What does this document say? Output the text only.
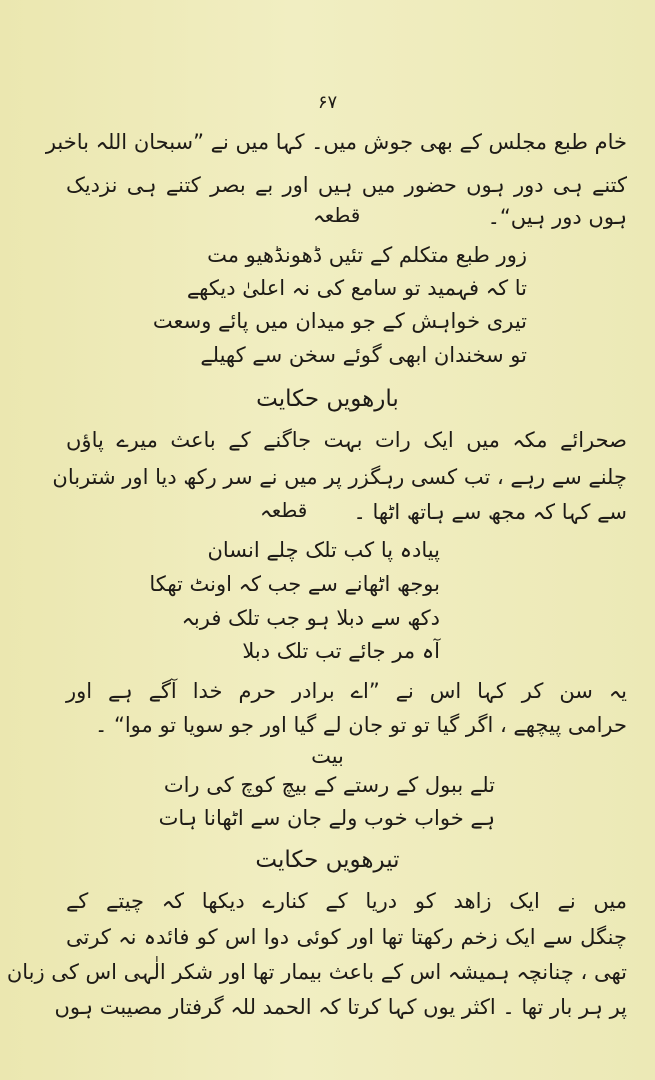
۶۷
خام طبع مجلس کے بھی جوش میں۔ کہا میں نے ”سبحان اللہ باخبر
کتنے ہی دور ہوں حضور میں ہیں اور بے بصر کتنے ہی نزدیک
ہوں دور ہیں“۔
قطعہ
زور طبع متکلم کے تئیں ڈھونڈھیو مت
تا کہ فہمید تو سامع کی نہ اعلیٰ دیکھے
تیری خواہش کے جو میدان میں پائے وسعت
تو سخندان ابھی گوئے سخن سے کھیلے
بارھویں حکایت
صحرائے مکہ میں ایک رات بہت جاگنے کے باعث میرے پاؤں
چلنے سے رہے ، تب کسی رہگزر پر میں نے سر رکھ دیا اور شتربان
سے کہا کہ مجھ سے ہاتھ اٹھا ۔
قطعہ
پیادہ پا کب تلک چلے انسان
بوجھ اٹھانے سے جب کہ اونٹ تھکا
دکھ سے دبلا ہو جب تلک فربہ
آہ مر جائے تب تلک دبلا
یہ سن کر کہا اس نے ”اے برادر حرم خدا آگے ہے اور
حرامی پیچھے ، اگر گیا تو تو جان لے گیا اور جو سویا تو موا“ ۔
بیت
تلے ببول کے رستے کے بیچ کوچ کی رات
ہے خواب خوب ولے جان سے اٹھانا ہات
تیرھویں حکایت
میں نے ایک زاھد کو دریا کے کنارے دیکھا کہ چیتے کے
چنگل سے ایک زخم رکھتا تھا اور کوئی دوا اس کو فائدہ نہ کرتی
تھی ، چنانچہ ہمیشہ اس کے باعث بیمار تھا اور شکر الٰہی اس کی زبان
پر ہر بار تھا ۔ اکثر یوں کہا کرتا کہ الحمد للہ گرفتار مصیبت ہوں
